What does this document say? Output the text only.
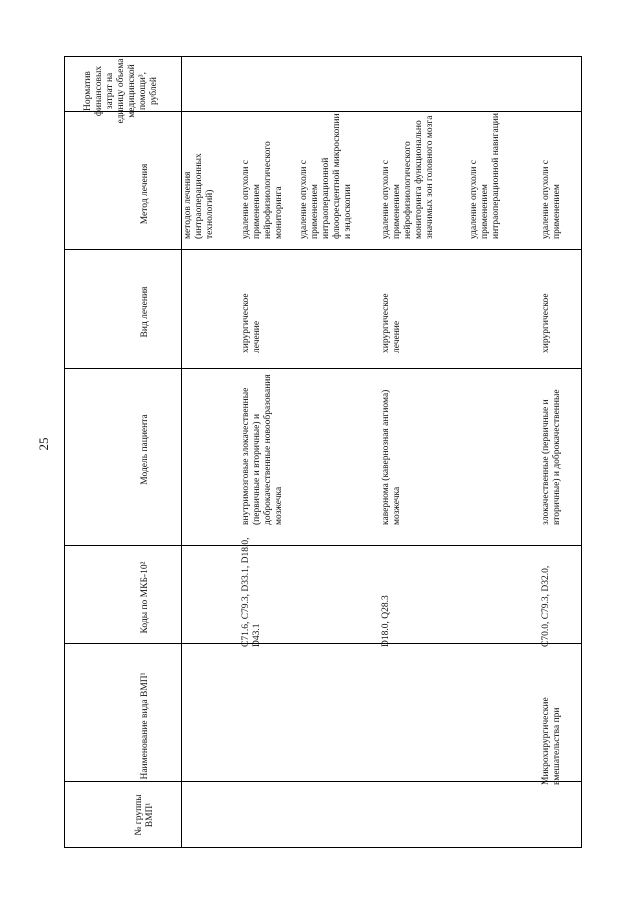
25
№ группы ВМП¹
Наименование вида ВМП¹
Коды по МКБ-10²
Модель пациента
Вид лечения
Метод лечения
Норматив финансовых затрат на единицу объема медицинской помощи³, рублей

методов лечения (интраоперационных технологий)

C71.6, C79.3, D33.1, D18.0, D43.1

внутримозговые злокачественные (первичные и вторичные) и доброкачественные новообразования мозжечка

хирургическое лечение

удаление опухоли с применением нейрофизиологического мониторинга удаление опухоли с применением интраоперационной флюоресцентной микроскопии и эндоскопии

D18.0, Q28.3

кавернома (кавернозная ангиома) мозжечка

хирургическое лечение

удаление опухоли с применением нейрофизиологического мониторинга функционально значимых зон головного мозга	удаление опухоли с применением интраоперационной навигации

Микрохирургические вмешательства при

C70.0, C79.3, D32.0,

злокачественные (первичные и вторичные) и доброкачественные

хирургическое

удаление опухоли с применением
